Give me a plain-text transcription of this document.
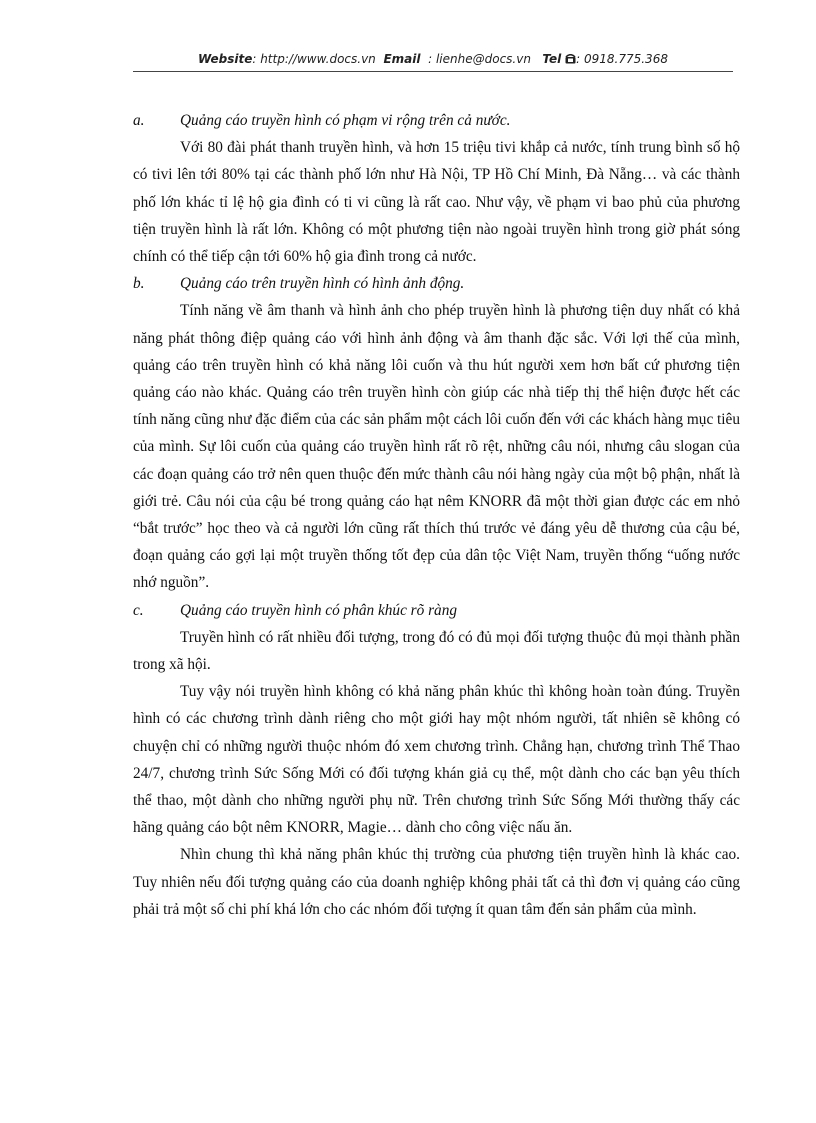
Website: http://www.docs.vn Email : lienhe@docs.vn Tel : 0918.775.368

a. Quảng cáo truyền hình có phạm vi rộng trên cả nước.

Với 80 đài phát thanh truyền hình, và hơn 15 triệu tivi khắp cả nước, tính trung bình số hộ có tivi lên tới 80% tại các thành phố lớn như Hà Nội, TP Hồ Chí Minh, Đà Nẵng… và các thành phố lớn khác tỉ lệ hộ gia đình có ti vi cũng là rất cao. Như vậy, về phạm vi bao phủ của phương tiện truyền hình là rất lớn. Không có một phương tiện nào ngoài truyền hình trong giờ phát sóng chính có thể tiếp cận tới 60% hộ gia đình trong cả nước.

b. Quảng cáo trên truyền hình có hình ảnh động.

Tính năng về âm thanh và hình ảnh cho phép truyền hình là phương tiện duy nhất có khả năng phát thông điệp quảng cáo với hình ảnh động và âm thanh đặc sắc. Với lợi thế của mình, quảng cáo trên truyền hình có khả năng lôi cuốn và thu hút người xem hơn bất cứ phương tiện quảng cáo nào khác. Quảng cáo trên truyền hình còn giúp các nhà tiếp thị thể hiện được hết các tính năng cũng như đặc điểm của các sản phẩm một cách lôi cuốn đến với các khách hàng mục tiêu của mình. Sự lôi cuốn của quảng cáo truyền hình rất rõ rệt, những câu nói, nhưng câu slogan của các đoạn quảng cáo trở nên quen thuộc đến mức thành câu nói hàng ngày của một bộ phận, nhất là giới trẻ. Câu nói của cậu bé trong quảng cáo hạt nêm KNORR đã một thời gian được các em nhỏ “bắt trước” học theo và cả người lớn cũng rất thích thú trước vẻ đáng yêu dễ thương của cậu bé, đoạn quảng cáo gợi lại một truyền thống tốt đẹp của dân tộc Việt Nam, truyền thống “uống nước nhớ nguồn”.

c. Quảng cáo truyền hình có phân khúc rõ ràng

Truyền hình có rất nhiều đối tượng, trong đó có đủ mọi đối tượng thuộc đủ mọi thành phần trong xã hội.

Tuy vậy nói truyền hình không có khả năng phân khúc thì không hoàn toàn đúng. Truyền hình có các chương trình dành riêng cho một giới hay một nhóm người, tất nhiên sẽ không có chuyện chỉ có những người thuộc nhóm đó xem chương trình. Chẳng hạn, chương trình Thể Thao 24/7, chương trình Sức Sống Mới có đối tượng khán giả cụ thể, một dành cho các bạn yêu thích thể thao, một dành cho những người phụ nữ. Trên chương trình Sức Sống Mới thường thấy các hãng quảng cáo bột nêm KNORR, Magie… dành cho công việc nấu ăn.

Nhìn chung thì khả năng phân khúc thị trường của phương tiện truyền hình là khác cao. Tuy nhiên nếu đối tượng quảng cáo của doanh nghiệp không phải tất cả thì đơn vị quảng cáo cũng phải trả một số chi phí khá lớn cho các nhóm đối tượng ít quan tâm đến sản phẩm của mình.
